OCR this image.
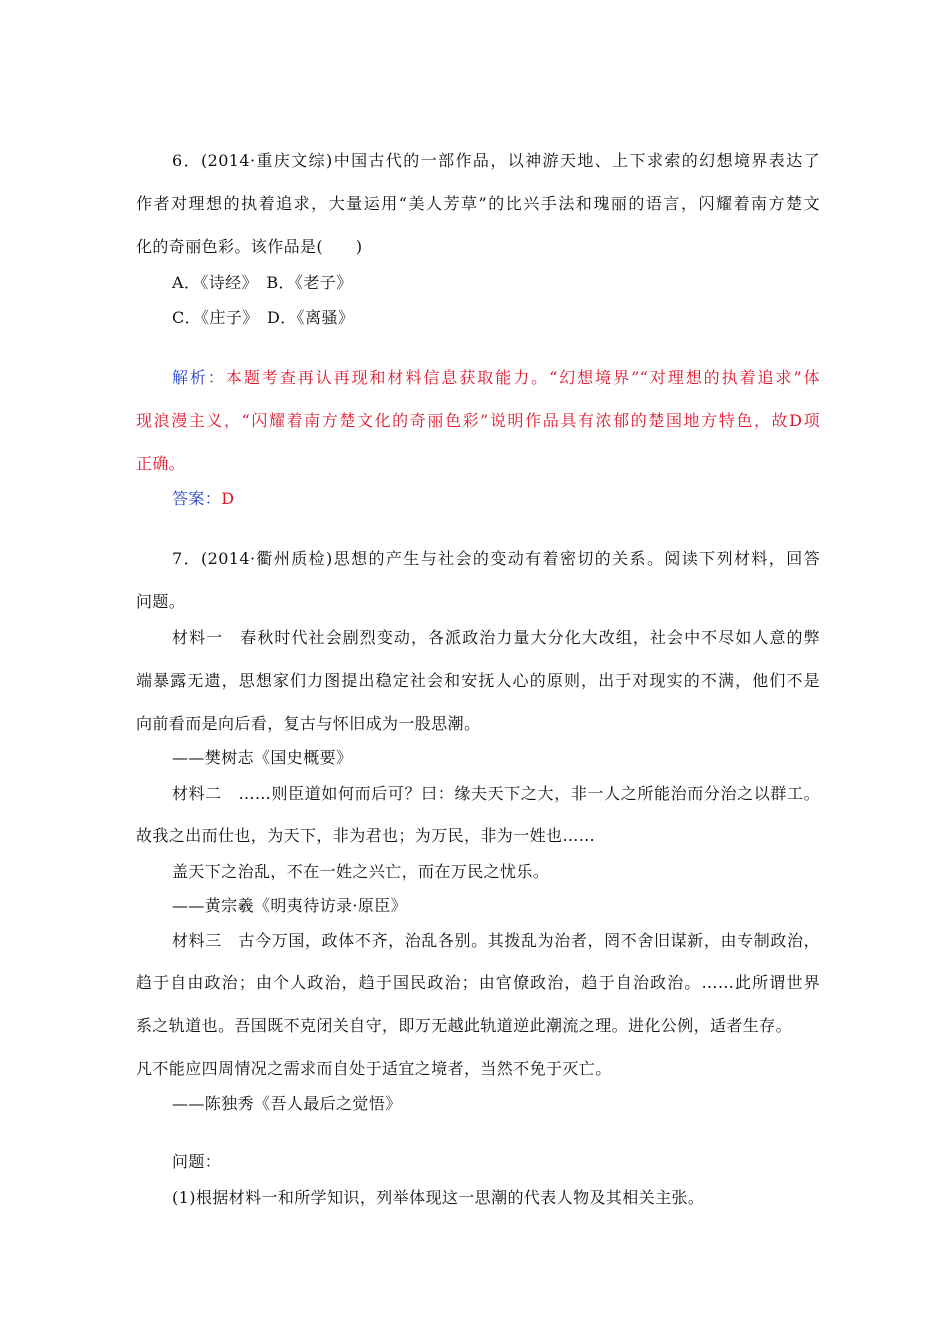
6．(2014·重庆文综)中国古代的一部作品，以神游天地、上下求索的幻想境界表达了
作者对理想的执着追求，大量运用“美人芳草”的比兴手法和瑰丽的语言，闪耀着南方楚文
化的奇丽色彩。该作品是(　　)
A．《诗经》　B．《老子》
C．《庄子》　D．《离骚》
解析：本题考查再认再现和材料信息获取能力。“幻想境界”“对理想的执着追求”体
现浪漫主义，“闪耀着南方楚文化的奇丽色彩”说明作品具有浓郁的楚国地方特色，故D项
正确。
答案：D
7．(2014·衢州质检)思想的产生与社会的变动有着密切的关系。阅读下列材料，回答
问题。
材料一　春秋时代社会剧烈变动，各派政治力量大分化大改组，社会中不尽如人意的弊
端暴露无遗，思想家们力图提出稳定社会和安抚人心的原则，出于对现实的不满，他们不是
向前看而是向后看，复古与怀旧成为一股思潮。
——樊树志《国史概要》
材料二　……则臣道如何而后可？曰：缘夫天下之大，非一人之所能治而分治之以群工。
故我之出而仕也，为天下，非为君也；为万民，非为一姓也……
盖天下之治乱，不在一姓之兴亡，而在万民之忧乐。
——黄宗羲《明夷待访录·原臣》
材料三　古今万国，政体不齐，治乱各别。其拨乱为治者，罔不舍旧谋新，由专制政治，
趋于自由政治；由个人政治，趋于国民政治；由官僚政治，趋于自治政治。……此所谓世界
系之轨道也。吾国既不克闭关自守，即万无越此轨道逆此潮流之理。进化公例，适者生存。
凡不能应四周情况之需求而自处于适宜之境者，当然不免于灭亡。
——陈独秀《吾人最后之觉悟》
问题：
(1)根据材料一和所学知识，列举体现这一思潮的代表人物及其相关主张。
